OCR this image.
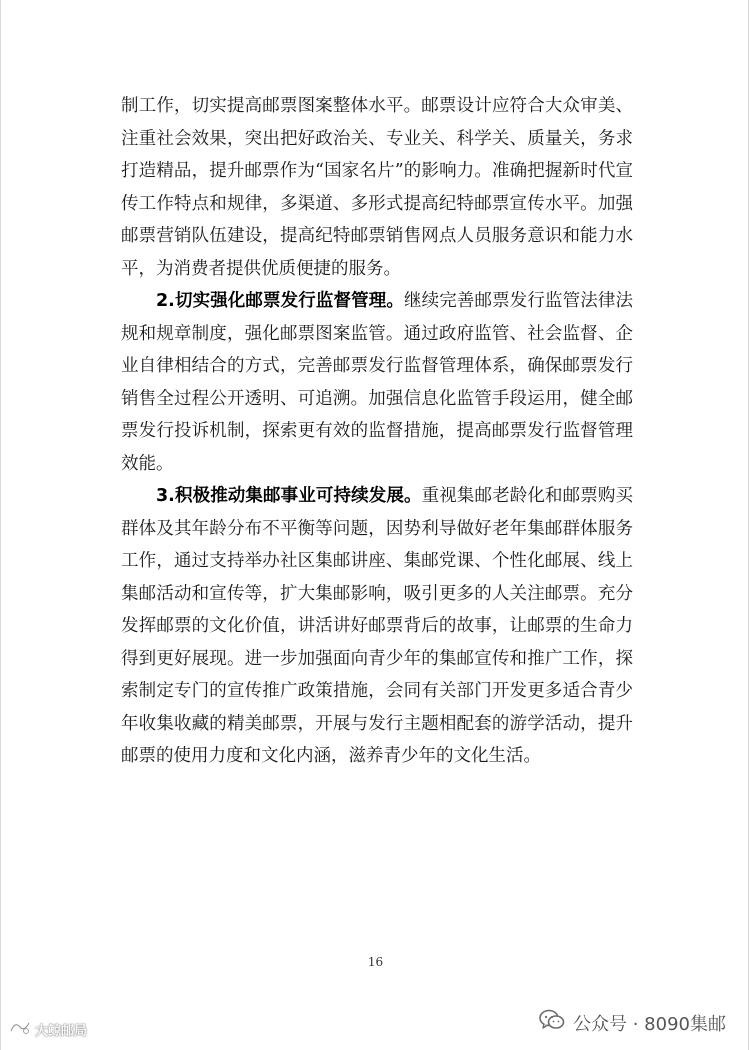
制工作，切实提高邮票图案整体水平。邮票设计应符合大众审美、注重社会效果，突出把好政治关、专业关、科学关、质量关，务求打造精品，提升邮票作为“国家名片”的影响力。准确把握新时代宣传工作特点和规律，多渠道、多形式提高纪特邮票宣传水平。加强邮票营销队伍建设，提高纪特邮票销售网点人员服务意识和能力水平，为消费者提供优质便捷的服务。

2.切实强化邮票发行监督管理。继续完善邮票发行监管法律法规和规章制度，强化邮票图案监管。通过政府监管、社会监督、企业自律相结合的方式，完善邮票发行监督管理体系，确保邮票发行销售全过程公开透明、可追溯。加强信息化监管手段运用，健全邮票发行投诉机制，探索更有效的监督措施，提高邮票发行监督管理效能。

3.积极推动集邮事业可持续发展。重视集邮老龄化和邮票购买群体及其年龄分布不平衡等问题，因势利导做好老年集邮群体服务工作，通过支持举办社区集邮讲座、集邮党课、个性化邮展、线上集邮活动和宣传等，扩大集邮影响，吸引更多的人关注邮票。充分发挥邮票的文化价值，讲活讲好邮票背后的故事，让邮票的生命力得到更好展现。进一步加强面向青少年的集邮宣传和推广工作，探索制定专门的宣传推广政策措施，会同有关部门开发更多适合青少年收集收藏的精美邮票，开展与发行主题相配套的游学活动，提升邮票的使用力度和文化内涵，滋养青少年的文化生活。

16
大鲸邮局	公众号 · 8090集邮
